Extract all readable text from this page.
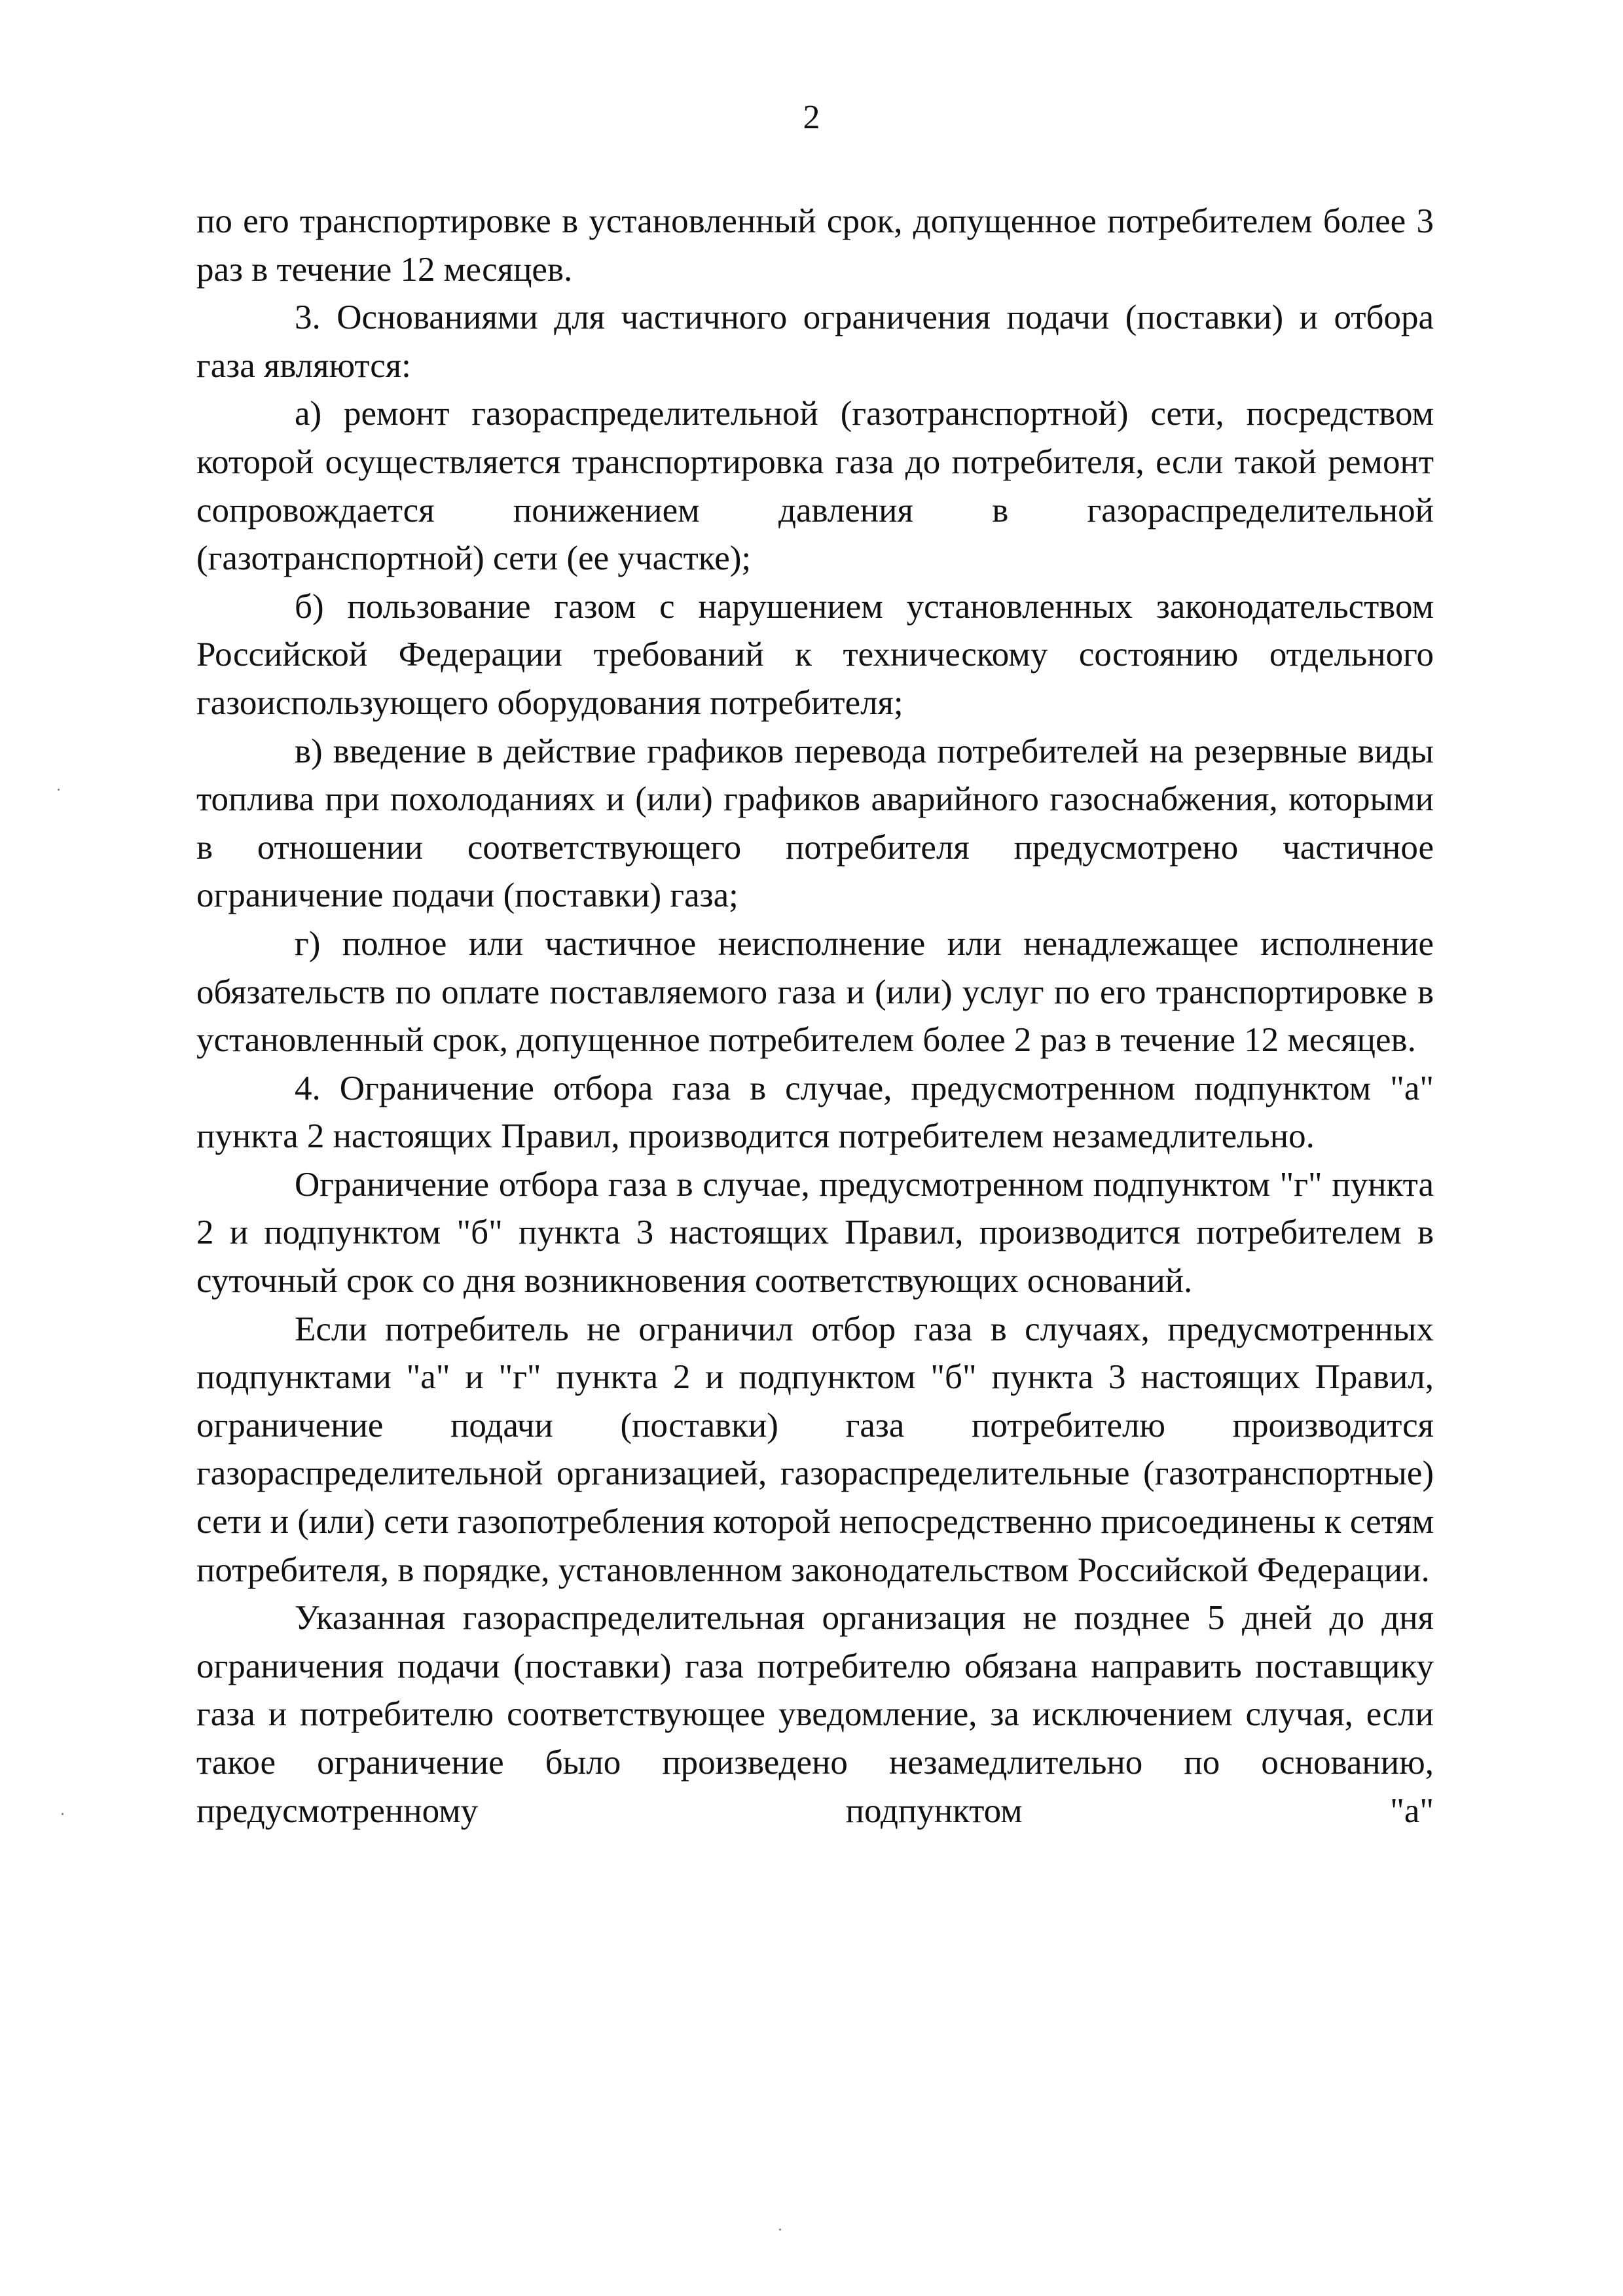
2

по его транспортировке в установленный срок, допущенное потребителем более 3 раз в течение 12 месяцев.

3. Основаниями для частичного ограничения подачи (поставки) и отбора газа являются:

а) ремонт газораспределительной (газотранспортной) сети, посредством которой осуществляется транспортировка газа до потребителя, если такой ремонт сопровождается понижением давления в газораспределительной (газотранспортной) сети (ее участке);

б) пользование газом с нарушением установленных законодательством Российской Федерации требований к техническому состоянию отдельного газоиспользующего оборудования потребителя;

в) введение в действие графиков перевода потребителей на резервные виды топлива при похолоданиях и (или) графиков аварийного газоснабжения, которыми в отношении соответствующего потребителя предусмотрено частичное ограничение подачи (поставки) газа;

г) полное или частичное неисполнение или ненадлежащее исполнение обязательств по оплате поставляемого газа и (или) услуг по его транспортировке в установленный срок, допущенное потребителем более 2 раз в течение 12 месяцев.

4. Ограничение отбора газа в случае, предусмотренном подпунктом "а" пункта 2 настоящих Правил, производится потребителем незамедлительно.

Ограничение отбора газа в случае, предусмотренном подпунктом "г" пункта 2 и подпунктом "б" пункта 3 настоящих Правил, производится потребителем в суточный срок со дня возникновения соответствующих оснований.

Если потребитель не ограничил отбор газа в случаях, предусмотренных подпунктами "а" и "г" пункта 2 и подпунктом "б" пункта 3 настоящих Правил, ограничение подачи (поставки) газа потребителю производится газораспределительной организацией, газораспределительные (газотранспортные) сети и (или) сети газопотребления которой непосредственно присоединены к сетям потребителя, в порядке, установленном законодательством Российской Федерации.

Указанная газораспределительная организация не позднее 5 дней до дня ограничения подачи (поставки) газа потребителю обязана направить поставщику газа и потребителю соответствующее уведомление, за исключением случая, если такое ограничение было произведено незамедлительно по основанию, предусмотренному подпунктом "а"
